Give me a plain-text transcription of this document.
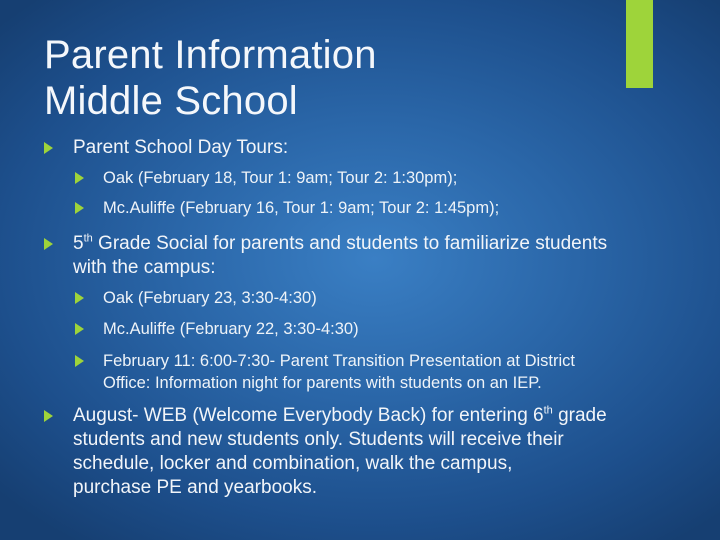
Parent Information
Middle School
Parent School Day Tours:
Oak (February 18, Tour 1: 9am; Tour 2: 1:30pm);
Mc.Auliffe (February 16, Tour 1: 9am; Tour 2: 1:45pm);
5th Grade Social for parents and students to familiarize students
with the campus:
Oak (February 23, 3:30-4:30)
Mc.Auliffe (February 22, 3:30-4:30)
February 11: 6:00-7:30- Parent Transition Presentation at District
Office: Information night for parents with students on an IEP.
August- WEB (Welcome Everybody Back) for entering 6th grade
students and new students only. Students will receive their
schedule, locker and combination, walk the campus,
purchase PE and yearbooks.
